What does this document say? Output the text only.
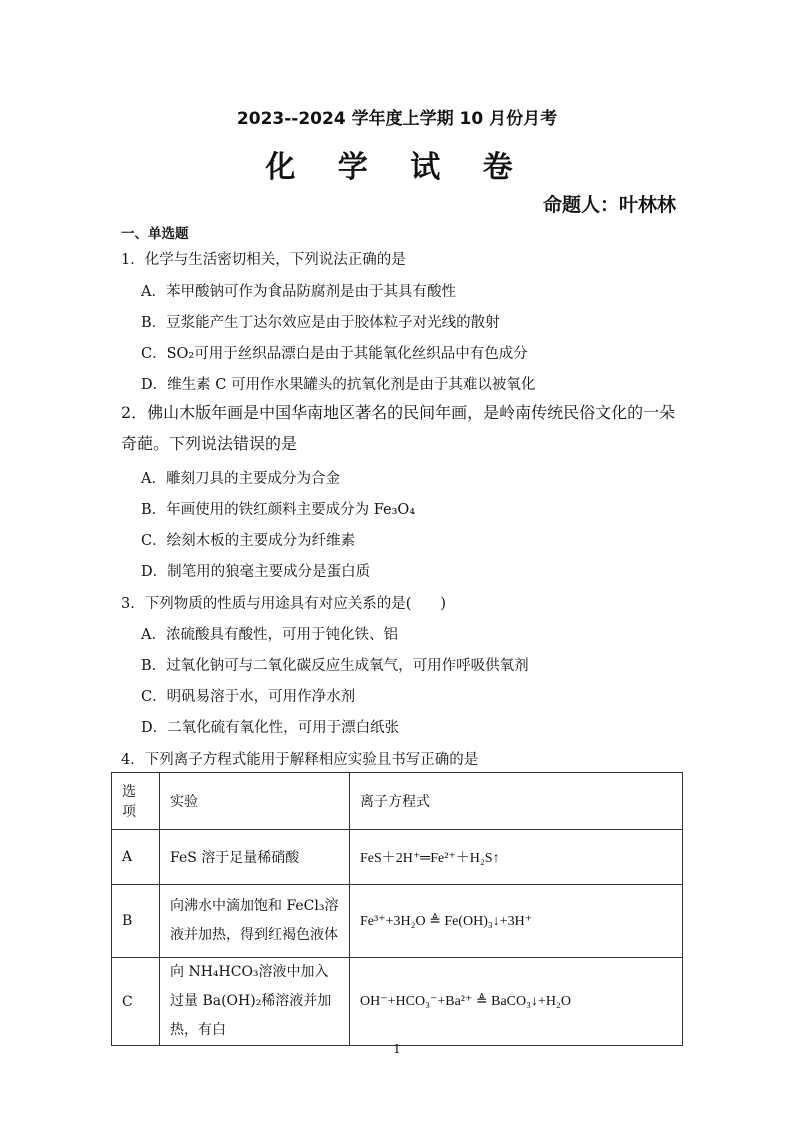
2023--2024 学年度上学期 10 月份月考
化 学 试 卷
命题人：叶林林
一、单选题
1．化学与生活密切相关，下列说法正确的是
A．苯甲酸钠可作为食品防腐剂是由于其具有酸性
B．豆浆能产生丁达尔效应是由于胶体粒子对光线的散射
C．SO₂可用于丝织品漂白是由于其能氧化丝织品中有色成分
D．维生素 C 可用作水果罐头的抗氧化剂是由于其难以被氧化
2．佛山木版年画是中国华南地区著名的民间年画，是岭南传统民俗文化的一朵奇葩。下列说法错误的是
A．雕刻刀具的主要成分为合金
B．年画使用的铁红颜料主要成分为 Fe₃O₄
C．绘刻木板的主要成分为纤维素
D．制笔用的狼毫主要成分是蛋白质
3．下列物质的性质与用途具有对应关系的是(　　)
A．浓硫酸具有酸性，可用于钝化铁、铝
B．过氧化钠可与二氧化碳反应生成氧气，可用作呼吸供氧剂
C．明矾易溶于水，可用作净水剂
D．二氧化硫有氧化性，可用于漂白纸张
4．下列离子方程式能用于解释相应实验且书写正确的是
选项	实验	离子方程式
A	FeS 溶于足量稀硝酸	FeS＋2H⁺═Fe²⁺＋H₂S↑
B	向沸水中滴加饱和 FeCl₃溶液并加热，得到红褐色液体	Fe³⁺+3H₂O ≜ Fe(OH)₃↓+3H⁺
C	向 NH₄HCO₃溶液中加入过量 Ba(OH)₂稀溶液并加热，有白	OH⁻+HCO₃⁻+Ba²⁺ ≜ BaCO₃↓+H₂O
1
